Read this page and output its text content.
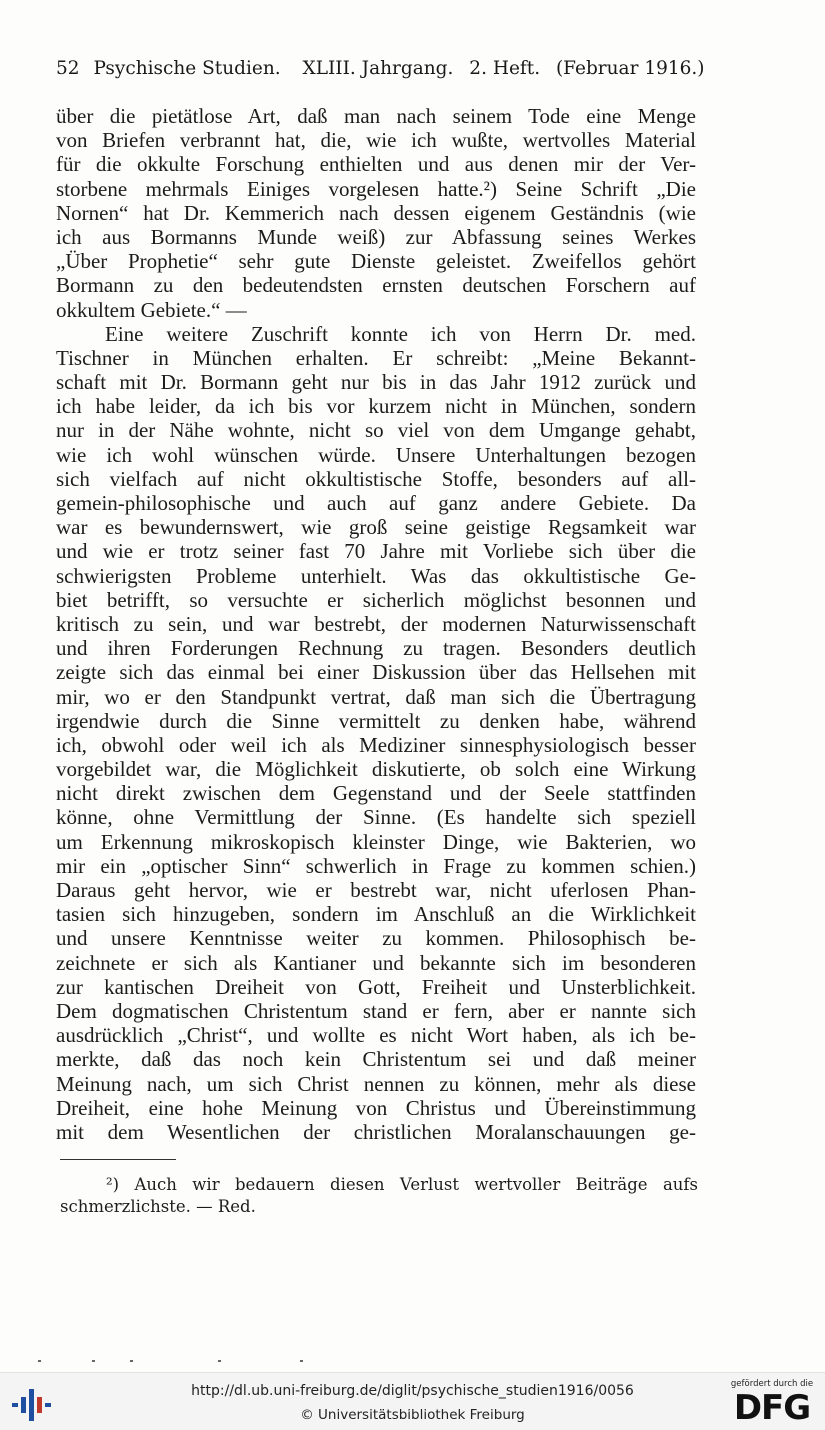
52 Psychische Studien. XLIII. Jahrgang. 2. Heft. (Februar 1916.)
über die pietätlose Art, daß man nach seinem Tode eine Menge
von Briefen verbrannt hat, die, wie ich wußte, wertvolles Material
für die okkulte Forschung enthielten und aus denen mir der Ver-
storbene mehrmals Einiges vorgelesen hatte.²) Seine Schrift „Die
Nornen“ hat Dr. Kemmerich nach dessen eigenem Geständnis (wie
ich aus Bormanns Munde weiß) zur Abfassung seines Werkes
„Über Prophetie“ sehr gute Dienste geleistet. Zweifellos gehört
Bormann zu den bedeutendsten ernsten deutschen Forschern auf
okkultem Gebiete.“ —
Eine weitere Zuschrift konnte ich von Herrn Dr. med.
Tischner in München erhalten. Er schreibt: „Meine Bekannt-
schaft mit Dr. Bormann geht nur bis in das Jahr 1912 zurück und
ich habe leider, da ich bis vor kurzem nicht in München, sondern
nur in der Nähe wohnte, nicht so viel von dem Umgange gehabt,
wie ich wohl wünschen würde. Unsere Unterhaltungen bezogen
sich vielfach auf nicht okkultistische Stoffe, besonders auf all-
gemein-philosophische und auch auf ganz andere Gebiete. Da
war es bewundernswert, wie groß seine geistige Regsamkeit war
und wie er trotz seiner fast 70 Jahre mit Vorliebe sich über die
schwierigsten Probleme unterhielt. Was das okkultistische Ge-
biet betrifft, so versuchte er sicherlich möglichst besonnen und
kritisch zu sein, und war bestrebt, der modernen Naturwissenschaft
und ihren Forderungen Rechnung zu tragen. Besonders deutlich
zeigte sich das einmal bei einer Diskussion über das Hellsehen mit
mir, wo er den Standpunkt vertrat, daß man sich die Übertragung
irgendwie durch die Sinne vermittelt zu denken habe, während
ich, obwohl oder weil ich als Mediziner sinnesphysiologisch besser
vorgebildet war, die Möglichkeit diskutierte, ob solch eine Wirkung
nicht direkt zwischen dem Gegenstand und der Seele stattfinden
könne, ohne Vermittlung der Sinne. (Es handelte sich speziell
um Erkennung mikroskopisch kleinster Dinge, wie Bakterien, wo
mir ein „optischer Sinn“ schwerlich in Frage zu kommen schien.)
Daraus geht hervor, wie er bestrebt war, nicht uferlosen Phan-
tasien sich hinzugeben, sondern im Anschluß an die Wirklichkeit
und unsere Kenntnisse weiter zu kommen. Philosophisch be-
zeichnete er sich als Kantianer und bekannte sich im besonderen
zur kantischen Dreiheit von Gott, Freiheit und Unsterblichkeit.
Dem dogmatischen Christentum stand er fern, aber er nannte sich
ausdrücklich „Christ“, und wollte es nicht Wort haben, als ich be-
merkte, daß das noch kein Christentum sei und daß meiner
Meinung nach, um sich Christ nennen zu können, mehr als diese
Dreiheit, eine hohe Meinung von Christus und Übereinstimmung
mit dem Wesentlichen der christlichen Moralanschauungen ge-
²) Auch wir bedauern diesen Verlust wertvoller Beiträge aufs
schmerzlichste. — Red.
http://dl.ub.uni-freiburg.de/diglit/psychische_studien1916/0056
© Universitätsbibliothek Freiburg
gefördert durch die
DFG
